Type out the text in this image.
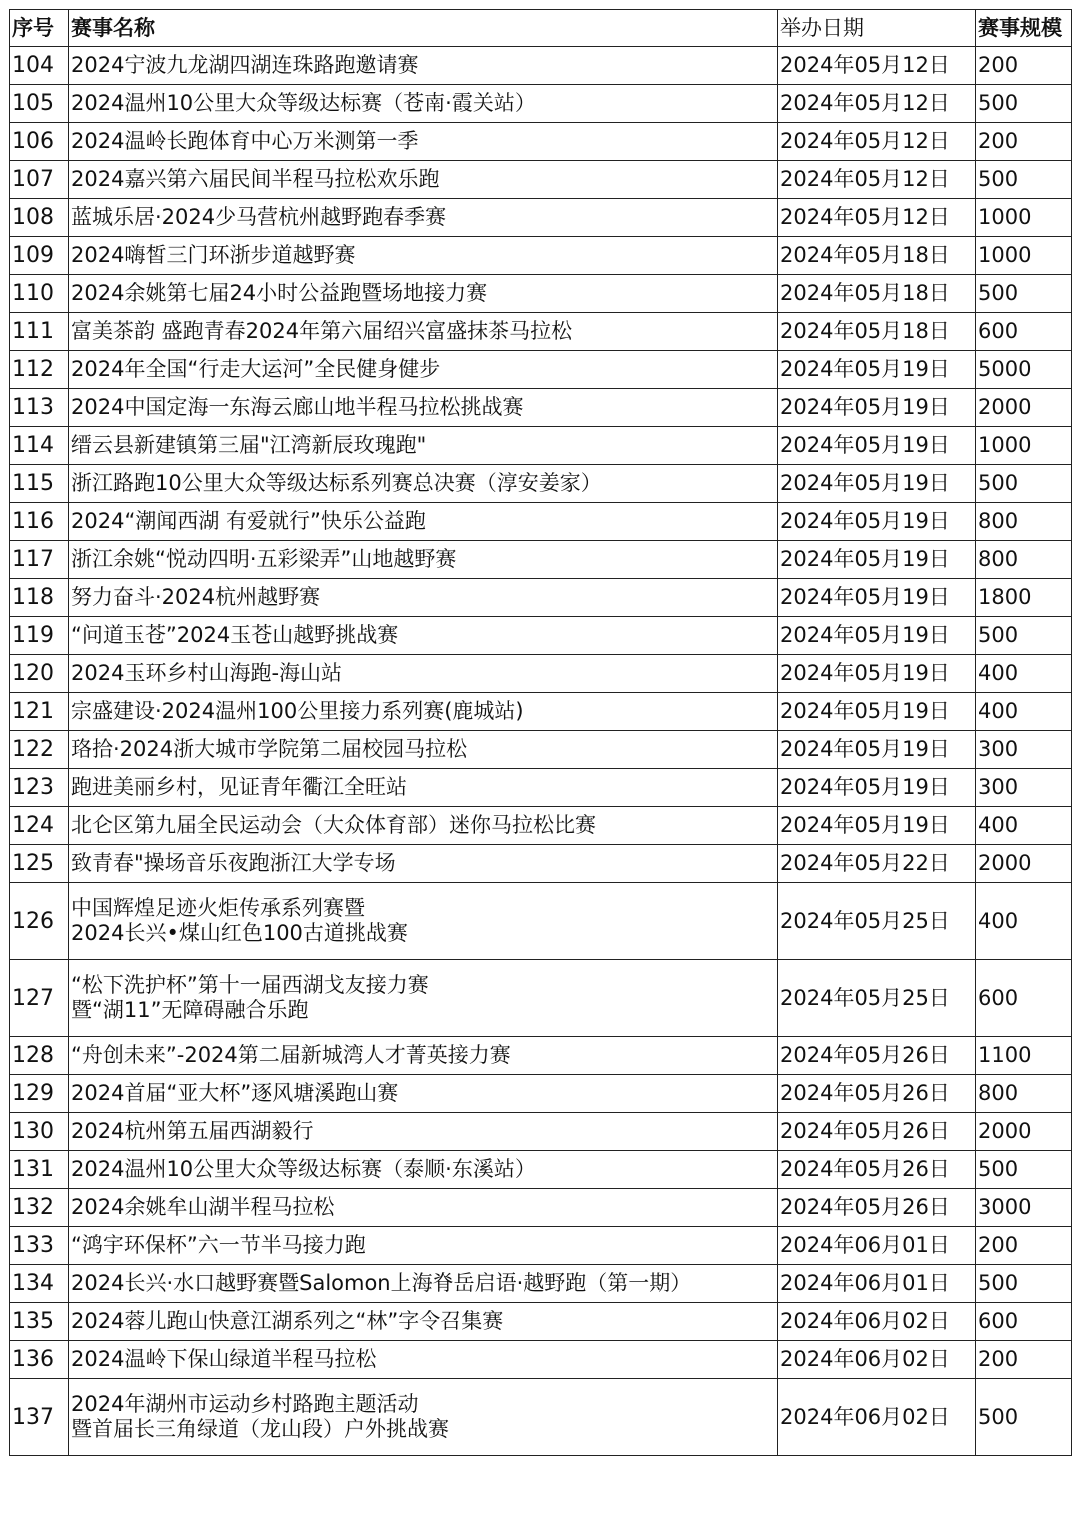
序号	赛事名称	举办日期	赛事规模
104	2024宁波九龙湖四湖连珠路跑邀请赛	2024年05月12日	200
105	2024温州10公里大众等级达标赛（苍南·霞关站）	2024年05月12日	500
106	2024温岭长跑体育中心万米测第一季	2024年05月12日	200
107	2024嘉兴第六届民间半程马拉松欢乐跑	2024年05月12日	500
108	蓝城乐居·2024少马营杭州越野跑春季赛	2024年05月12日	1000
109	2024嗨皙三门环浙步道越野赛	2024年05月18日	1000
110	2024余姚第七届24小时公益跑暨场地接力赛	2024年05月18日	500
111	富美茶韵 盛跑青春2024年第六届绍兴富盛抹茶马拉松	2024年05月18日	600
112	2024年全国“行走大运河”全民健身健步	2024年05月19日	5000
113	2024中国定海一东海云廊山地半程马拉松挑战赛	2024年05月19日	2000
114	缙云县新建镇第三届"江湾新辰玫瑰跑"	2024年05月19日	1000
115	浙江路跑10公里大众等级达标系列赛总决赛（淳安姜家）	2024年05月19日	500
116	2024“潮闻西湖 有爱就行”快乐公益跑	2024年05月19日	800
117	浙江余姚“悦动四明·五彩梁弄”山地越野赛	2024年05月19日	800
118	努力奋斗·2024杭州越野赛	2024年05月19日	1800
119	“问道玉苍”2024玉苍山越野挑战赛	2024年05月19日	500
120	2024玉环乡村山海跑-海山站	2024年05月19日	400
121	宗盛建设·2024温州100公里接力系列赛(鹿城站)	2024年05月19日	400
122	珞拾·2024浙大城市学院第二届校园马拉松	2024年05月19日	300
123	跑进美丽乡村，见证青年衢江全旺站	2024年05月19日	300
124	北仑区第九届全民运动会（大众体育部）迷你马拉松比赛	2024年05月19日	400
125	致青春"操场音乐夜跑浙江大学专场	2024年05月22日	2000
126	中国辉煌足迹火炬传承系列赛暨
2024长兴•煤山红色100古道挑战赛	2024年05月25日	400
127	“松下洗护杯”第十一届西湖戈友接力赛
暨“湖11”无障碍融合乐跑	2024年05月25日	600
128	“舟创未来”-2024第二届新城湾人才菁英接力赛	2024年05月26日	1100
129	2024首届“亚大杯”逐风塘溪跑山赛	2024年05月26日	800
130	2024杭州第五届西湖毅行	2024年05月26日	2000
131	2024温州10公里大众等级达标赛（泰顺·东溪站）	2024年05月26日	500
132	2024余姚牟山湖半程马拉松	2024年05月26日	3000
133	“鸿宇环保杯”六一节半马接力跑	2024年06月01日	200
134	2024长兴·水口越野赛暨Salomon上海脊岳启语·越野跑（第一期）	2024年06月01日	500
135	2024蓉儿跑山快意江湖系列之“林”字令召集赛	2024年06月02日	600
136	2024温岭下保山绿道半程马拉松	2024年06月02日	200
137	2024年湖州市运动乡村路跑主题活动
暨首届长三角绿道（龙山段）户外挑战赛	2024年06月02日	500
